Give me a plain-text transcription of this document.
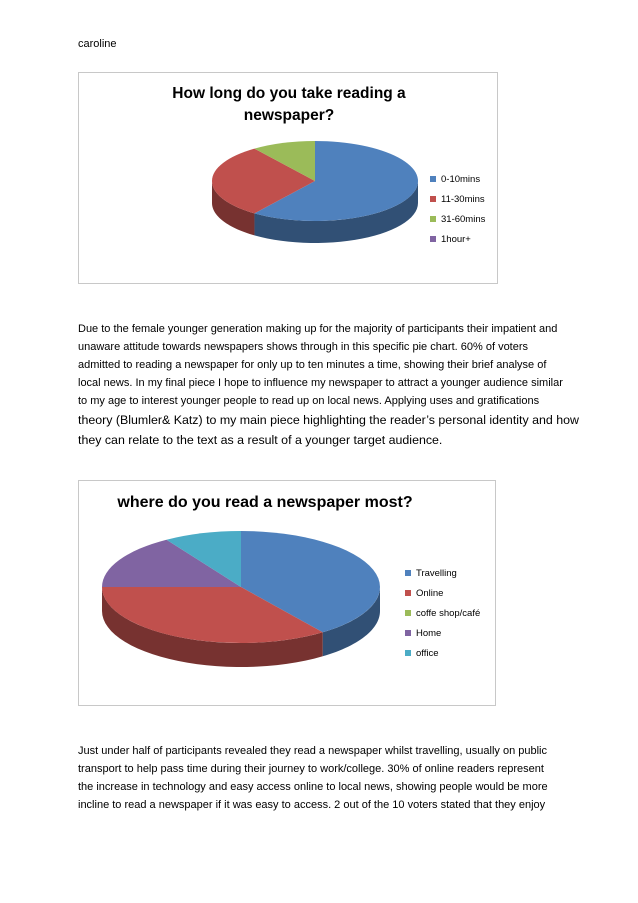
caroline
How long do you take reading a
newspaper?
0-10mins
11-30mins
31-60mins
1hour+
Due to the female younger generation making up for the majority of participants their impatient and
unaware attitude towards newspapers shows through in this specific pie chart. 60% of voters
admitted to reading a newspaper for only up to ten minutes a time, showing their brief analyse of
local news. In my final piece I hope to influence my newspaper to attract a younger audience similar
to my age to interest younger people to read up on local news. Applying uses and gratifications
theory (Blumler& Katz) to my main piece highlighting the reader’s personal identity and how
they can relate to the text as a result of a younger target audience.
where do you read a newspaper most?
Travelling
Online
coffe shop/café
Home
office
Just under half of participants revealed they read a newspaper whilst travelling, usually on public
transport to help pass time during their journey to work/college. 30% of online readers represent
the increase in technology and easy access online to local news, showing people would be more
incline to read a newspaper if it was easy to access. 2 out of the 10 voters stated that they enjoy
